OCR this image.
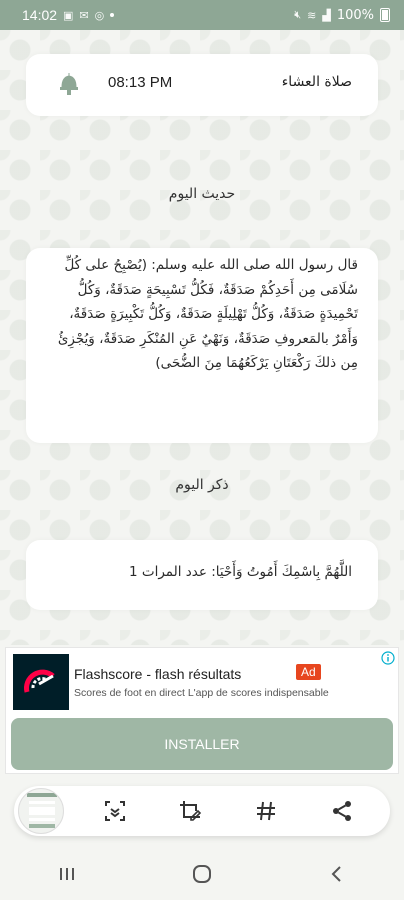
14:02 ▣ ✉ ◎	🔇︎ ≋ ▟ 100%
08:13 PM	صلاة العشاء
حديث اليوم
قال رسول الله صلى الله عليه وسلم: (يُصْبِحُ على كُلِّ سُلَامَى مِن أَحَدِكُمْ صَدَقَةٌ، فَكُلُّ تَسْبِيحَةٍ صَدَقَةٌ، وَكُلُّ تَحْمِيدَةٍ صَدَقَةٌ، وَكُلُّ تَهْلِيلَةٍ صَدَقَةٌ، وَكُلُّ تَكْبِيرَةٍ صَدَقَةٌ، وَأَمْرٌ بالمَعروفِ صَدَقَةٌ، وَنَهْيٌ عَنِ المُنْكَرِ صَدَقَةٌ، وَيُجْزِئُ مِن ذلكَ رَكْعَتَانِ يَرْكَعُهُمَا مِنَ الضُّحَى)
ذكر اليوم
اللَّهُمَّ بِاسْمِكَ أَمُوتُ وَأَحْيَا: عدد المرات 1
Flashscore - flash résultats	Ad
Scores de foot en direct L'app de scores indispensable
INSTALLER
